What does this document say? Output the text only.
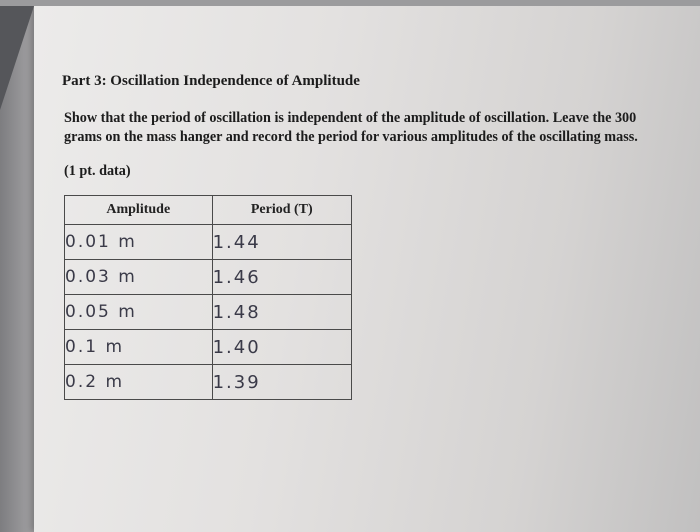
Part 3: Oscillation Independence of Amplitude

Show that the period of oscillation is independent of the amplitude of oscillation. Leave the 300 grams on the mass hanger and record the period for various amplitudes of the oscillating mass.

(1 pt. data)
Amplitude	Period (T)
0.01 m	1.44
0.03 m	1.46
0.05 m	1.48
0.1 m	1.40
0.2 m	1.39
